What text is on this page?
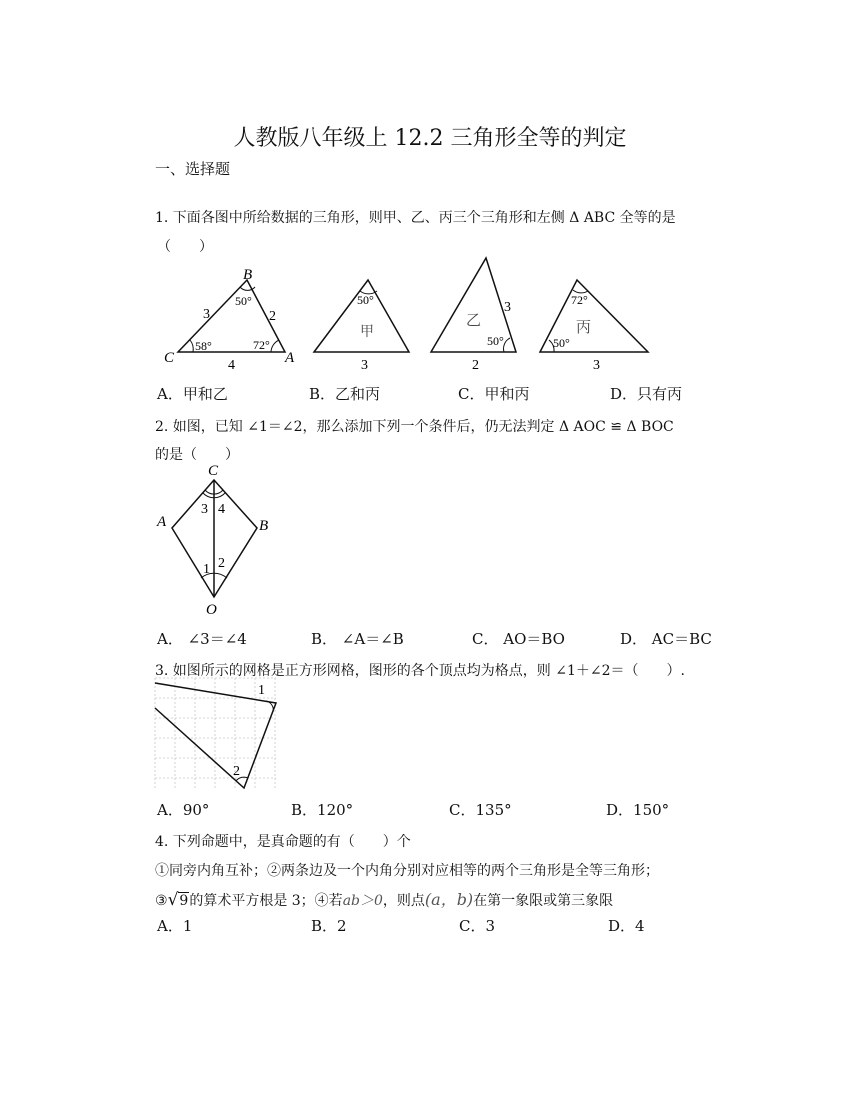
人教版八年级上 12.2 三角形全等的判定
一、选择题
1. 下面各图中所给数据的三角形，则甲、乙、丙三个三角形和左侧 Δ ABC 全等的是
（　　）
B
C	A
50°
58°	72°
3	2
4
50°
甲
3
乙
50°
3
2
72°
50°
丙
3
A．甲和乙	B．乙和丙	C．甲和丙	D．只有丙
2. 如图，已知 ∠1＝∠2，那么添加下列一个条件后，仍无法判定 Δ AOC ≌ Δ BOC
的是（　　）
C
A	B
O
3 4
1 2
A． ∠3＝∠4	B． ∠A＝∠B	C． AO＝BO	D． AC＝BC
3. 如图所示的网格是正方形网格，图形的各个顶点均为格点，则 ∠1＋∠2＝（　　）.
1
2
A．90°	B．120°	C．135°	D．150°
4. 下列命题中，是真命题的有（　　）个
①同旁内角互补；②两条边及一个内角分别对应相等的两个三角形是全等三角形；
③√9的算术平方根是 3；④若ab＞0，则点(a，b)在第一象限或第三象限
A．1	B．2	C．3	D．4
